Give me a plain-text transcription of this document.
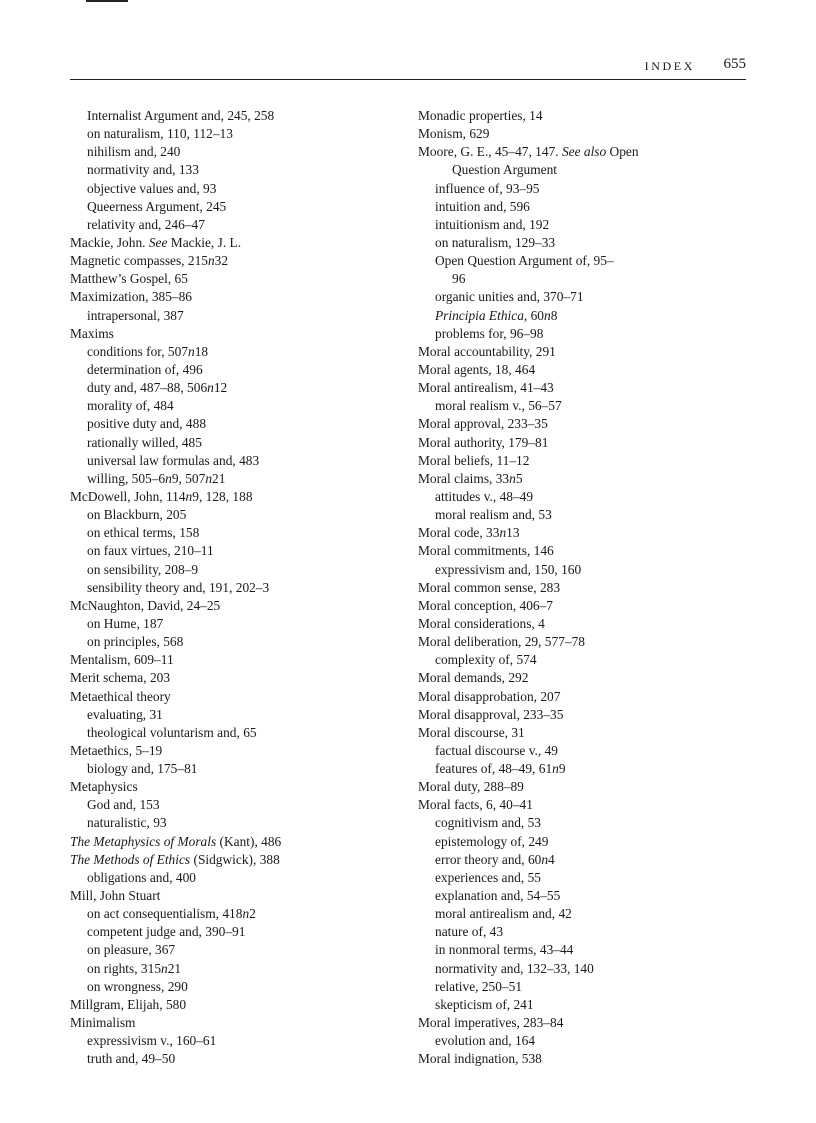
INDEX 655
Internalist Argument and, 245, 258
on naturalism, 110, 112–13
nihilism and, 240
normativity and, 133
objective values and, 93
Queerness Argument, 245
relativity and, 246–47
Mackie, John. See Mackie, J. L.
Magnetic compasses, 215n32
Matthew’s Gospel, 65
Maximization, 385–86
intrapersonal, 387
Maxims
conditions for, 507n18
determination of, 496
duty and, 487–88, 506n12
morality of, 484
positive duty and, 488
rationally willed, 485
universal law formulas and, 483
willing, 505–6n9, 507n21
McDowell, John, 114n9, 128, 188
on Blackburn, 205
on ethical terms, 158
on faux virtues, 210–11
on sensibility, 208–9
sensibility theory and, 191, 202–3
McNaughton, David, 24–25
on Hume, 187
on principles, 568
Mentalism, 609–11
Merit schema, 203
Metaethical theory
evaluating, 31
theological voluntarism and, 65
Metaethics, 5–19
biology and, 175–81
Metaphysics
God and, 153
naturalistic, 93
The Metaphysics of Morals (Kant), 486
The Methods of Ethics (Sidgwick), 388
obligations and, 400
Mill, John Stuart
on act consequentialism, 418n2
competent judge and, 390–91
on pleasure, 367
on rights, 315n21
on wrongness, 290
Millgram, Elijah, 580
Minimalism
expressivism v., 160–61
truth and, 49–50
Monadic properties, 14
Monism, 629
Moore, G. E., 45–47, 147. See also Open
Question Argument
influence of, 93–95
intuition and, 596
intuitionism and, 192
on naturalism, 129–33
Open Question Argument of, 95–
96
organic unities and, 370–71
Principia Ethica, 60n8
problems for, 96–98
Moral accountability, 291
Moral agents, 18, 464
Moral antirealism, 41–43
moral realism v., 56–57
Moral approval, 233–35
Moral authority, 179–81
Moral beliefs, 11–12
Moral claims, 33n5
attitudes v., 48–49
moral realism and, 53
Moral code, 33n13
Moral commitments, 146
expressivism and, 150, 160
Moral common sense, 283
Moral conception, 406–7
Moral considerations, 4
Moral deliberation, 29, 577–78
complexity of, 574
Moral demands, 292
Moral disapprobation, 207
Moral disapproval, 233–35
Moral discourse, 31
factual discourse v., 49
features of, 48–49, 61n9
Moral duty, 288–89
Moral facts, 6, 40–41
cognitivism and, 53
epistemology of, 249
error theory and, 60n4
experiences and, 55
explanation and, 54–55
moral antirealism and, 42
nature of, 43
in nonmoral terms, 43–44
normativity and, 132–33, 140
relative, 250–51
skepticism of, 241
Moral imperatives, 283–84
evolution and, 164
Moral indignation, 538
